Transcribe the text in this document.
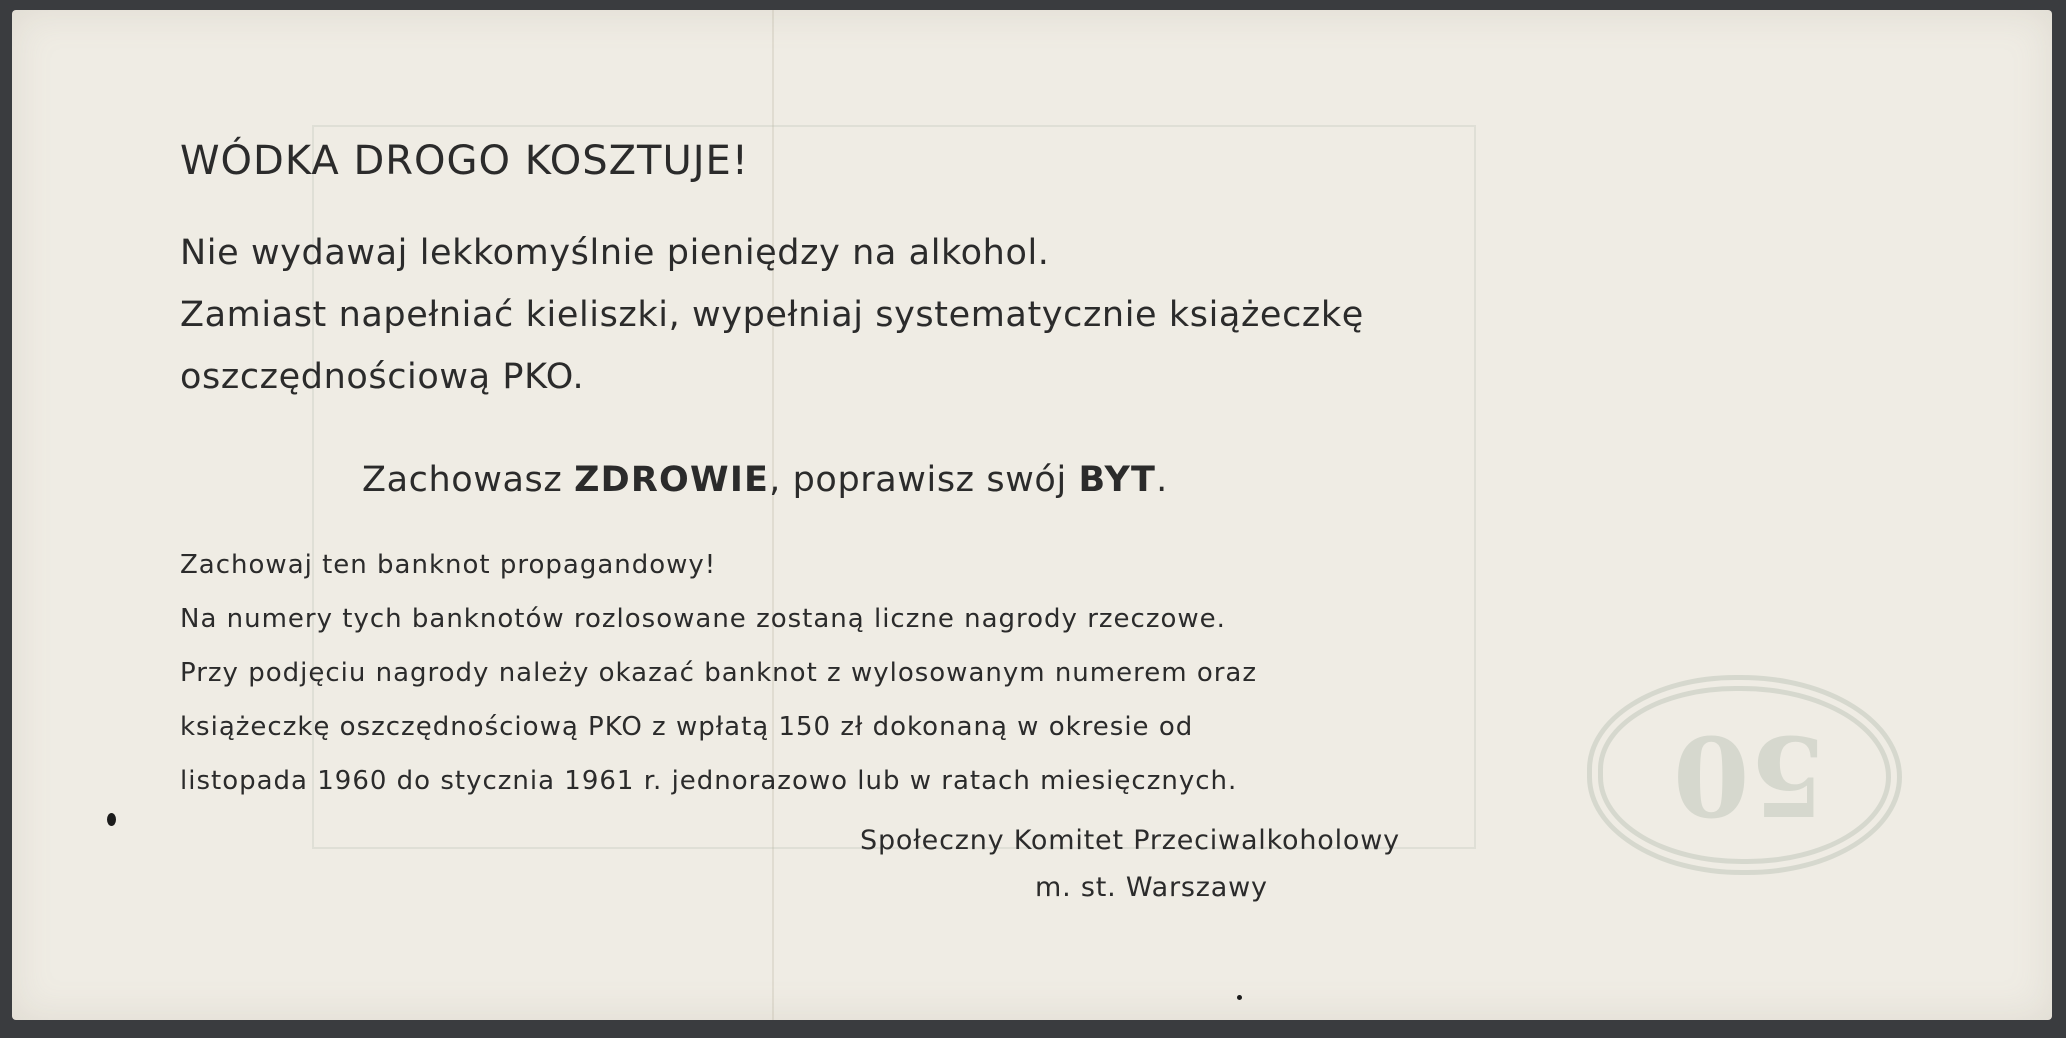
50
WÓDKA DROGO KOSZTUJE!
Nie wydawaj lekkomyślnie pieniędzy na alkohol.
Zamiast napełniać kieliszki, wypełniaj systematycznie książeczkę
oszczędnościową PKO.
Zachowasz ZDROWIE, poprawisz swój BYT.
Zachowaj ten banknot propagandowy!
Na numery tych banknotów rozlosowane zostaną liczne nagrody rzeczowe.
Przy podjęciu nagrody należy okazać banknot z wylosowanym numerem oraz
książeczkę oszczędnościową PKO z wpłatą 150 zł dokonaną w okresie od
listopada 1960 do stycznia 1961 r. jednorazowo lub w ratach miesięcznych.
Społeczny Komitet Przeciwalkoholowy
m. st. Warszawy
